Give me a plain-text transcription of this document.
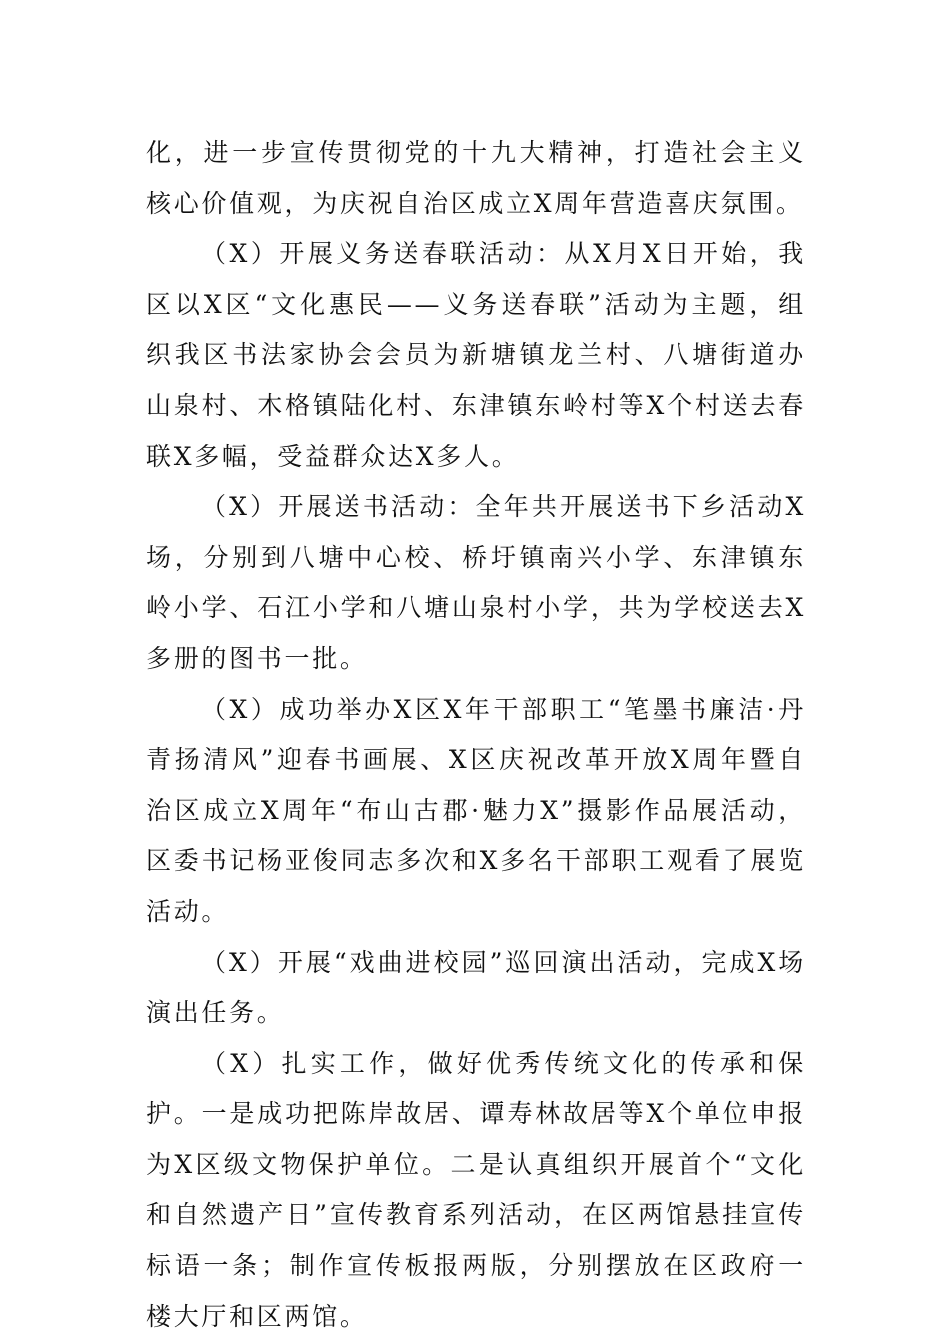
化，进一步宣传贯彻党的十九大精神，打造社会主义核心价值观，为庆祝自治区成立X周年营造喜庆氛围。

（X）开展义务送春联活动：从X月X日开始，我区以X区“文化惠民——义务送春联”活动为主题，组织我区书法家协会会员为新塘镇龙兰村、八塘街道办山泉村、木格镇陆化村、东津镇东岭村等X个村送去春联X多幅，受益群众达X多人。

（X）开展送书活动：全年共开展送书下乡活动X场，分别到八塘中心校、桥圩镇南兴小学、东津镇东岭小学、石江小学和八塘山泉村小学，共为学校送去X多册的图书一批。

（X）成功举办X区X年干部职工“笔墨书廉洁·丹青扬清风”迎春书画展、X区庆祝改革开放X周年暨自治区成立X周年“布山古郡·魅力X”摄影作品展活动，区委书记杨亚俊同志多次和X多名干部职工观看了展览活动。

（X）开展“戏曲进校园”巡回演出活动，完成X场演出任务。

（X）扎实工作，做好优秀传统文化的传承和保护。一是成功把陈岸故居、谭寿林故居等X个单位申报为X区级文物保护单位。二是认真组织开展首个“文化和自然遗产日”宣传教育系列活动，在区两馆悬挂宣传标语一条；制作宣传板报两版，分别摆放在区政府一楼大厅和区两馆。
